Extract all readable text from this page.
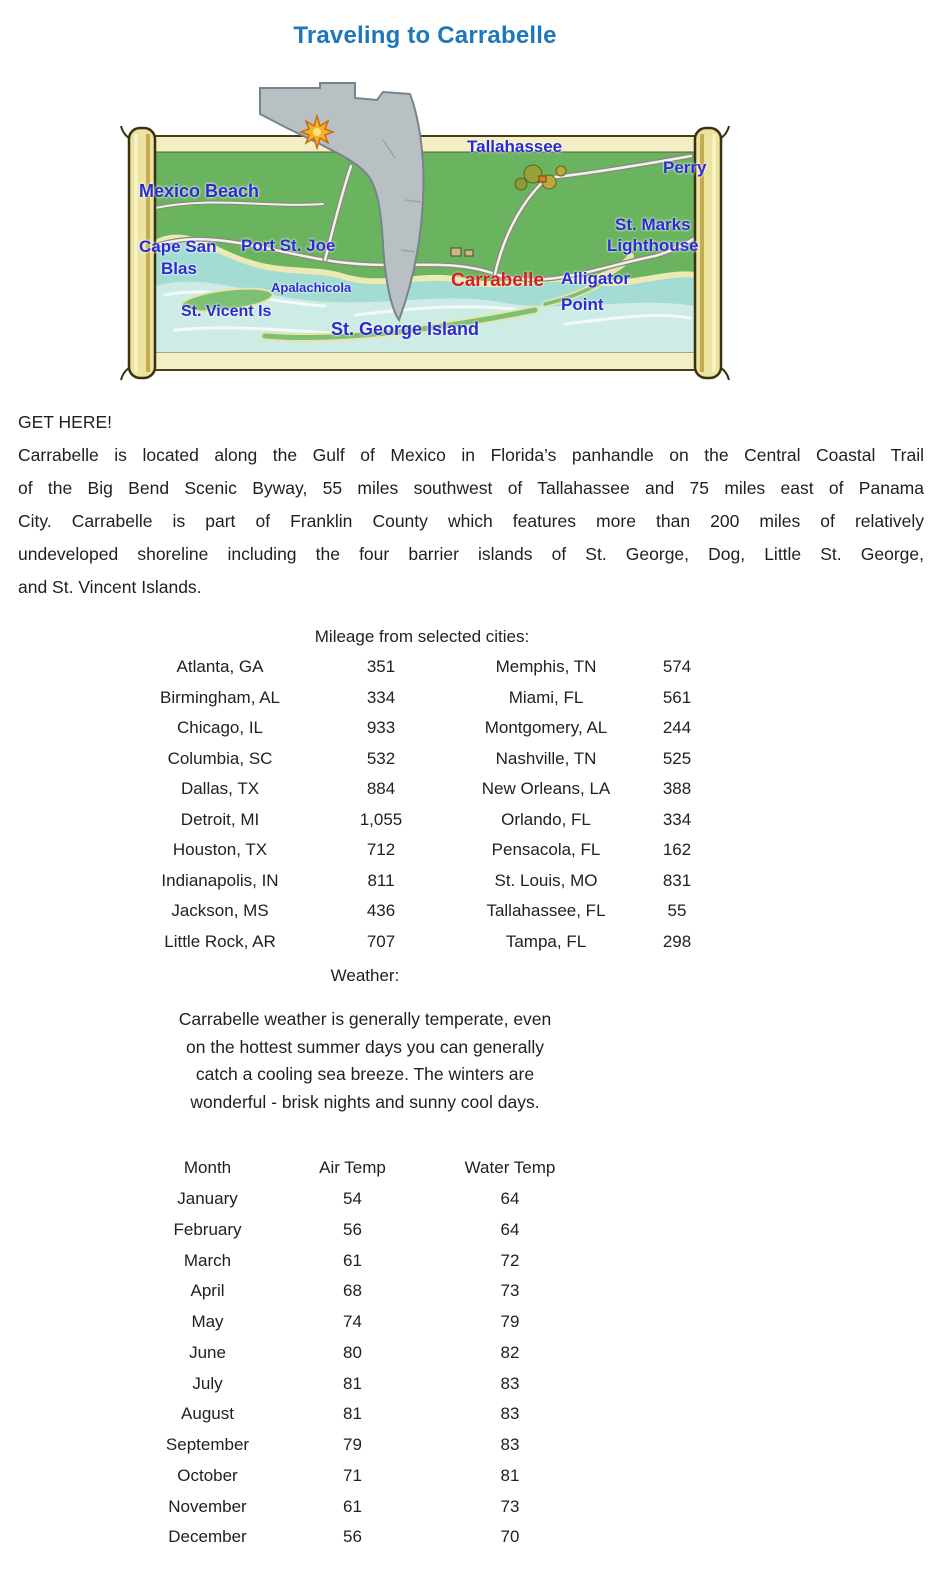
Traveling to Carrabelle
Tallahassee
Perry
Mexico Beach
St. Marks
Lighthouse
Cape San Port St. Joe
Blas
Apalachicola	Carrabelle Alligator
Point
St. Vicent Is
St. George Island
GET HERE!
Carrabelle is located along the Gulf of Mexico in Florida’s panhandle on the Central Coastal Trail
of the Big Bend Scenic Byway, 55 miles southwest of Tallahassee and 75 miles east of Panama
City. Carrabelle is part of Franklin County which features more than 200 miles of relatively
undeveloped shoreline including the four barrier islands of St. George, Dog, Little St. George,
and St. Vincent Islands.
Mileage from selected cities:
Atlanta, GA	351	Memphis, TN	574
Birmingham, AL	334	Miami, FL	561
Chicago, IL	933	Montgomery, AL	244
Columbia, SC	532	Nashville, TN	525
Dallas, TX	884	New Orleans, LA	388
Detroit, MI	1,055	Orlando, FL	334
Houston, TX	712	Pensacola, FL	162
Indianapolis, IN	811	St. Louis, MO	831
Jackson, MS	436	Tallahassee, FL	55
Little Rock, AR	707	Tampa, FL	298
Weather:
Carrabelle weather is generally temperate, even
on the hottest summer days you can generally
catch a cooling sea breeze. The winters are
wonderful - brisk nights and sunny cool days.
Month	Air Temp	Water Temp
January	54	64
February	56	64
March	61	72
April	68	73
May	74	79
June	80	82
July	81	83
August	81	83
September	79	83
October	71	81
November	61	73
December	56	70
